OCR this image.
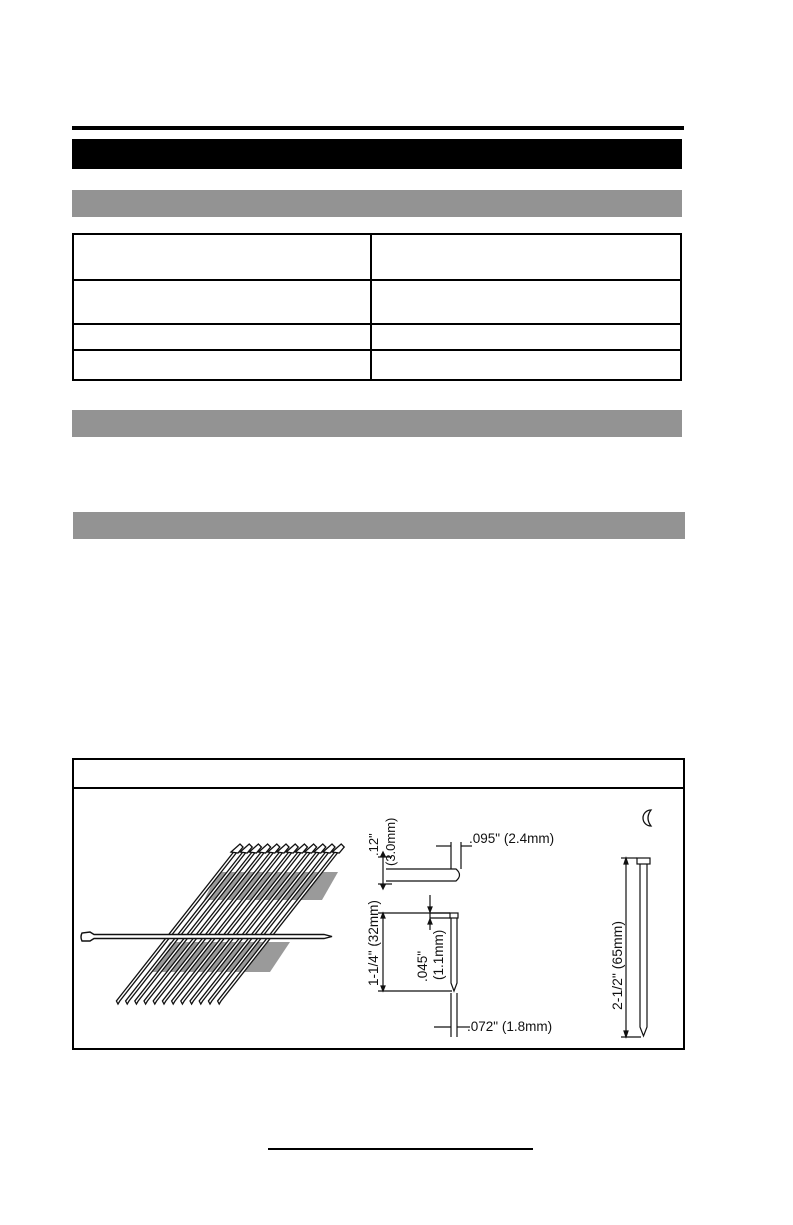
.12" (3.0mm)	.095" (2.4mm)
1-1/4" (32mm)	.045" (1.1mm)
.072" (1.8mm)
2-1/2" (65mm)
